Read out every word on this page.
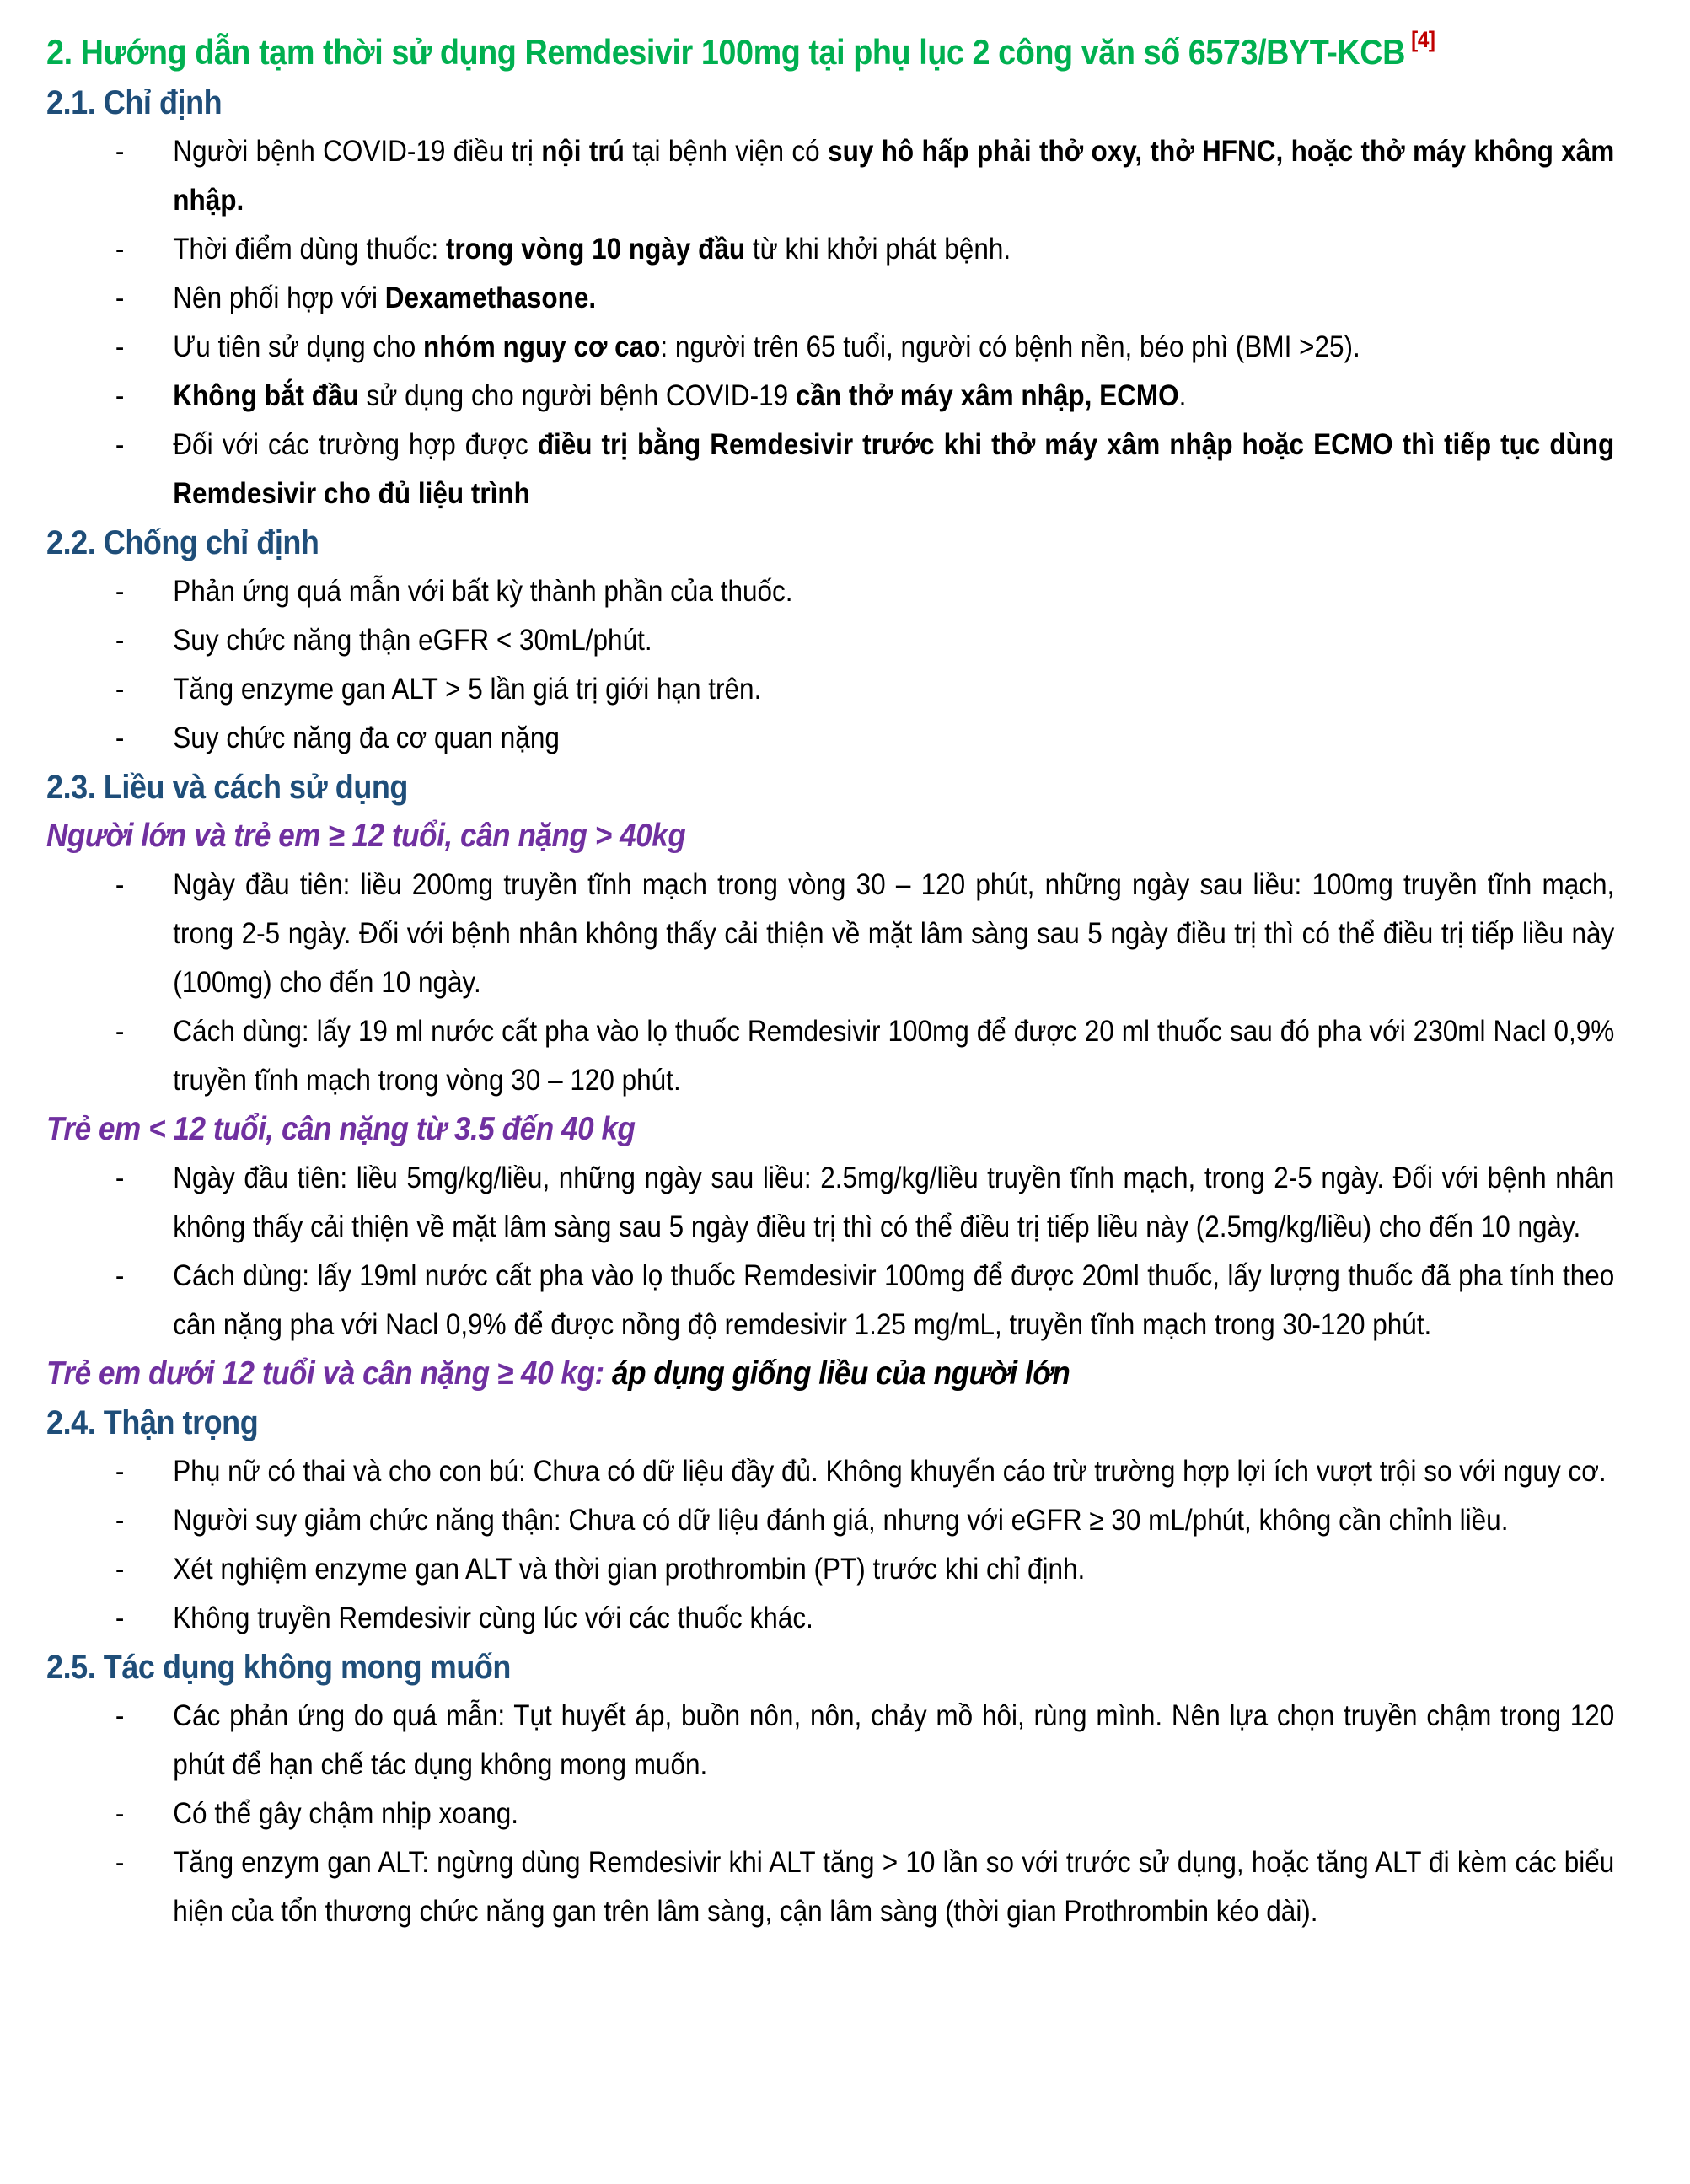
2. Hướng dẫn tạm thời sử dụng Remdesivir 100mg tại phụ lục 2 công văn số 6573/BYT-KCB [4]
2.1. Chỉ định
- Người bệnh COVID-19 điều trị nội trú tại bệnh viện có suy hô hấp phải thở oxy, thở HFNC, hoặc thở máy không xâm nhập.
- Thời điểm dùng thuốc: trong vòng 10 ngày đầu từ khi khởi phát bệnh.
- Nên phối hợp với Dexamethasone.
- Ưu tiên sử dụng cho nhóm nguy cơ cao: người trên 65 tuổi, người có bệnh nền, béo phì (BMI >25).
- Không bắt đầu sử dụng cho người bệnh COVID-19 cần thở máy xâm nhập, ECMO.
- Đối với các trường hợp được điều trị bằng Remdesivir trước khi thở máy xâm nhập hoặc ECMO thì tiếp tục dùng Remdesivir cho đủ liệu trình
2.2. Chống chỉ định
- Phản ứng quá mẫn với bất kỳ thành phần của thuốc.
- Suy chức năng thận eGFR < 30mL/phút.
- Tăng enzyme gan ALT > 5 lần giá trị giới hạn trên.
- Suy chức năng đa cơ quan nặng
2.3. Liều và cách sử dụng
Người lớn và trẻ em ≥ 12 tuổi, cân nặng > 40kg
- Ngày đầu tiên: liều 200mg truyền tĩnh mạch trong vòng 30 – 120 phút, những ngày sau liều: 100mg truyền tĩnh mạch, trong 2-5 ngày. Đối với bệnh nhân không thấy cải thiện về mặt lâm sàng sau 5 ngày điều trị thì có thể điều trị tiếp liều này (100mg) cho đến 10 ngày.
- Cách dùng: lấy 19 ml nước cất pha vào lọ thuốc Remdesivir 100mg để được 20 ml thuốc sau đó pha với 230ml Nacl 0,9% truyền tĩnh mạch trong vòng 30 – 120 phút.
Trẻ em < 12 tuổi, cân nặng từ 3.5 đến 40 kg
- Ngày đầu tiên: liều 5mg/kg/liều, những ngày sau liều: 2.5mg/kg/liều truyền tĩnh mạch, trong 2-5 ngày. Đối với bệnh nhân không thấy cải thiện về mặt lâm sàng sau 5 ngày điều trị thì có thể điều trị tiếp liều này (2.5mg/kg/liều) cho đến 10 ngày.
- Cách dùng: lấy 19ml nước cất pha vào lọ thuốc Remdesivir 100mg để được 20ml thuốc, lấy lượng thuốc đã pha tính theo cân nặng pha với Nacl 0,9% để được nồng độ remdesivir 1.25 mg/mL, truyền tĩnh mạch trong 30-120 phút.
Trẻ em dưới 12 tuổi và cân nặng ≥ 40 kg: áp dụng giống liều của người lớn
2.4. Thận trọng
- Phụ nữ có thai và cho con bú: Chưa có dữ liệu đầy đủ. Không khuyến cáo trừ trường hợp lợi ích vượt trội so với nguy cơ.
- Người suy giảm chức năng thận: Chưa có dữ liệu đánh giá, nhưng với eGFR ≥ 30 mL/phút, không cần chỉnh liều.
- Xét nghiệm enzyme gan ALT và thời gian prothrombin (PT) trước khi chỉ định.
- Không truyền Remdesivir cùng lúc với các thuốc khác.
2.5. Tác dụng không mong muốn
- Các phản ứng do quá mẫn: Tụt huyết áp, buồn nôn, nôn, chảy mồ hôi, rùng mình. Nên lựa chọn truyền chậm trong 120 phút để hạn chế tác dụng không mong muốn.
- Có thể gây chậm nhịp xoang.
- Tăng enzym gan ALT: ngừng dùng Remdesivir khi ALT tăng > 10 lần so với trước sử dụng, hoặc tăng ALT đi kèm các biểu hiện của tổn thương chức năng gan trên lâm sàng, cận lâm sàng (thời gian Prothrombin kéo dài).
